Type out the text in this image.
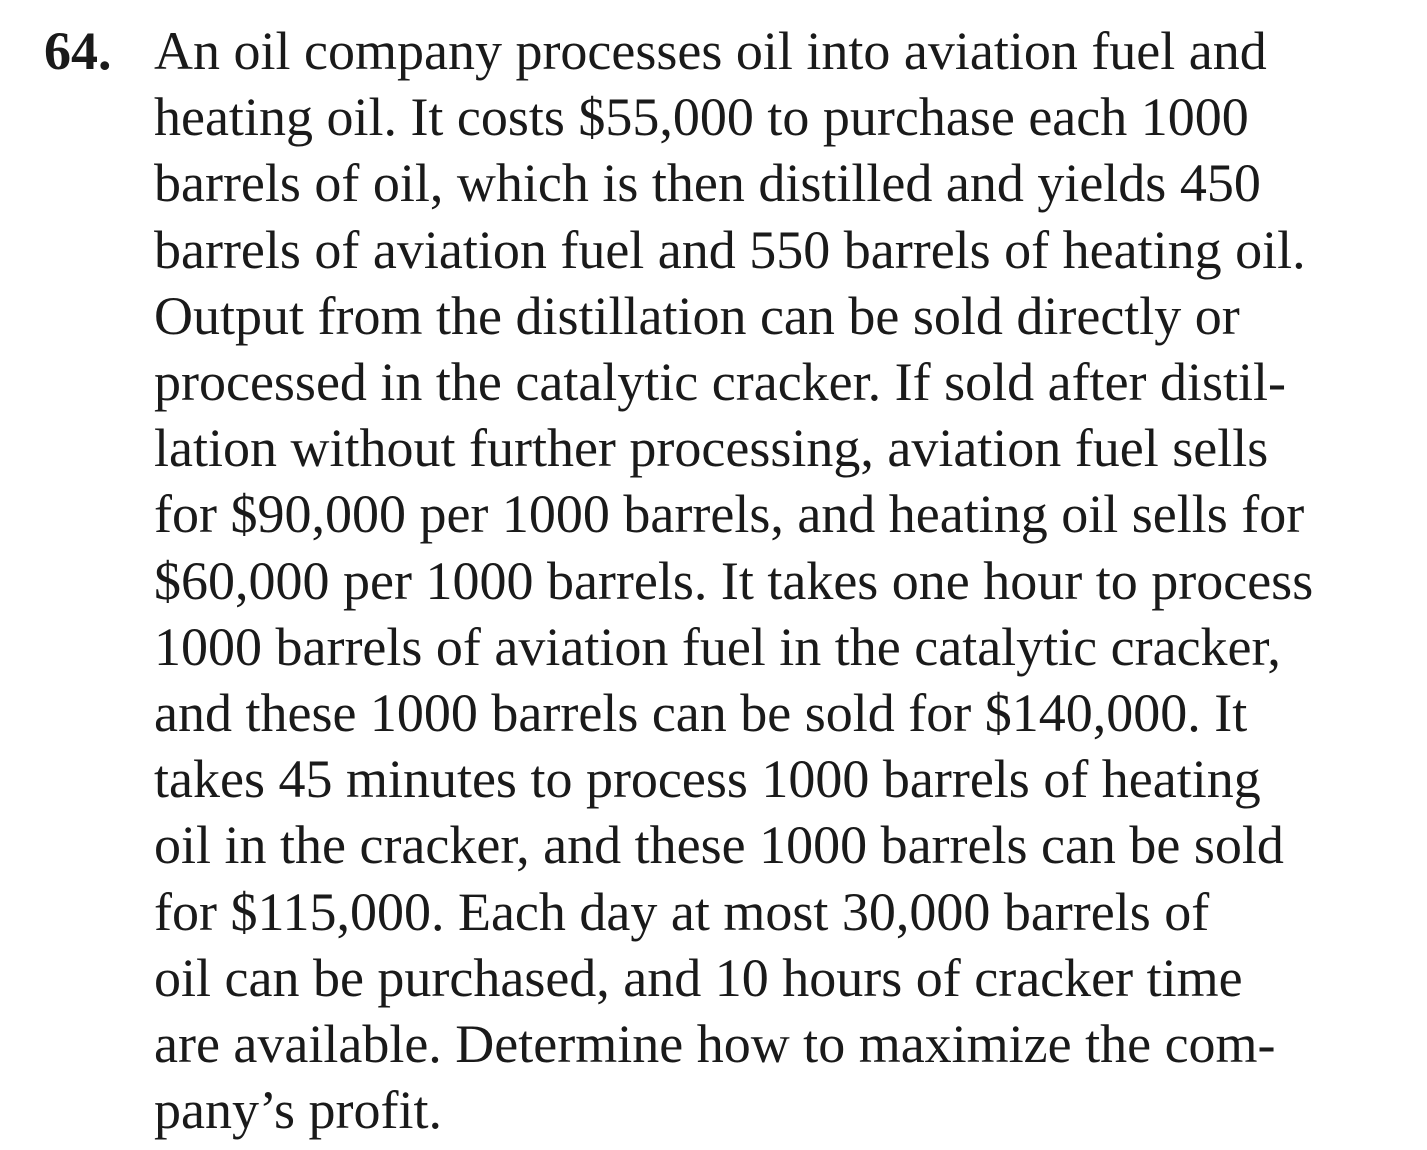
64. An oil company processes oil into aviation fuel and
heating oil. It costs $55,000 to purchase each 1000
barrels of oil, which is then distilled and yields 450
barrels of aviation fuel and 550 barrels of heating oil.
Output from the distillation can be sold directly or
processed in the catalytic cracker. If sold after distil-
lation without further processing, aviation fuel sells
for $90,000 per 1000 barrels, and heating oil sells for
$60,000 per 1000 barrels. It takes one hour to process
1000 barrels of aviation fuel in the catalytic cracker,
and these 1000 barrels can be sold for $140,000. It
takes 45 minutes to process 1000 barrels of heating
oil in the cracker, and these 1000 barrels can be sold
for $115,000. Each day at most 30,000 barrels of
oil can be purchased, and 10 hours of cracker time
are available. Determine how to maximize the com-
pany’s profit.
